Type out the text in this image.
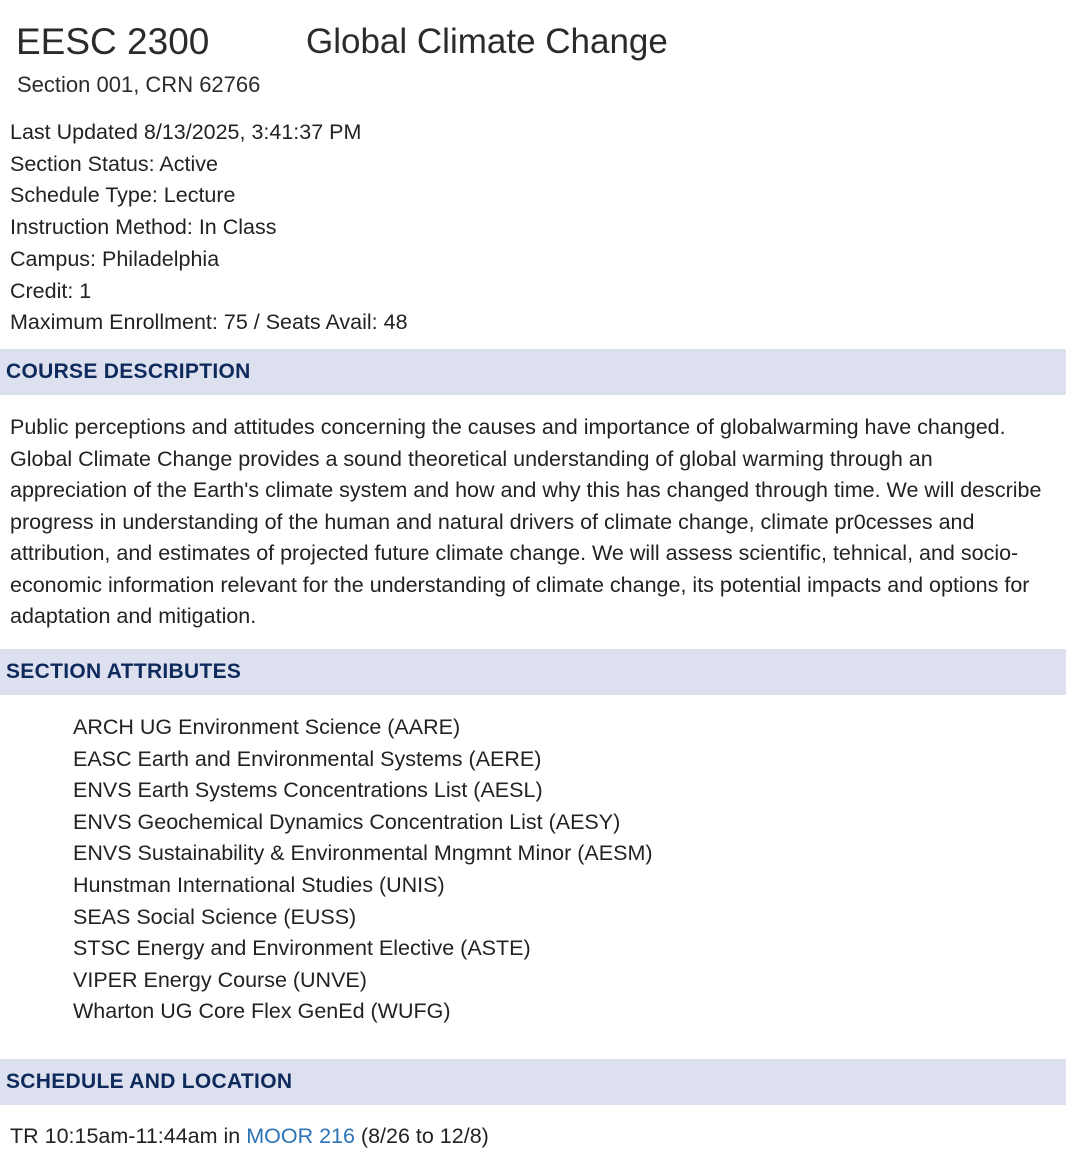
EESC 2300	Global Climate Change
Section 001, CRN 62766
Last Updated 8/13/2025, 3:41:37 PM
Section Status: Active
Schedule Type: Lecture
Instruction Method: In Class
Campus: Philadelphia
Credit: 1
Maximum Enrollment: 75 / Seats Avail: 48
COURSE DESCRIPTION
Public perceptions and attitudes concerning the causes and importance of globalwarming have changed. Global Climate Change provides a sound theoretical understanding of global warming through an appreciation of the Earth's climate system and how and why this has changed through time. We will describe progress in understanding of the human and natural drivers of climate change, climate pr0cesses and attribution, and estimates of projected future climate change. We will assess scientific, tehnical, and socio-economic information relevant for the understanding of climate change, its potential impacts and options for adaptation and mitigation.
SECTION ATTRIBUTES
ARCH UG Environment Science (AARE)
EASC Earth and Environmental Systems (AERE)
ENVS Earth Systems Concentrations List (AESL)
ENVS Geochemical Dynamics Concentration List (AESY)
ENVS Sustainability & Environmental Mngmnt Minor (AESM)
Hunstman International Studies (UNIS)
SEAS Social Science (EUSS)
STSC Energy and Environment Elective (ASTE)
VIPER Energy Course (UNVE)
Wharton UG Core Flex GenEd (WUFG)
SCHEDULE AND LOCATION
TR 10:15am-11:44am in MOOR 216 (8/26 to 12/8)
